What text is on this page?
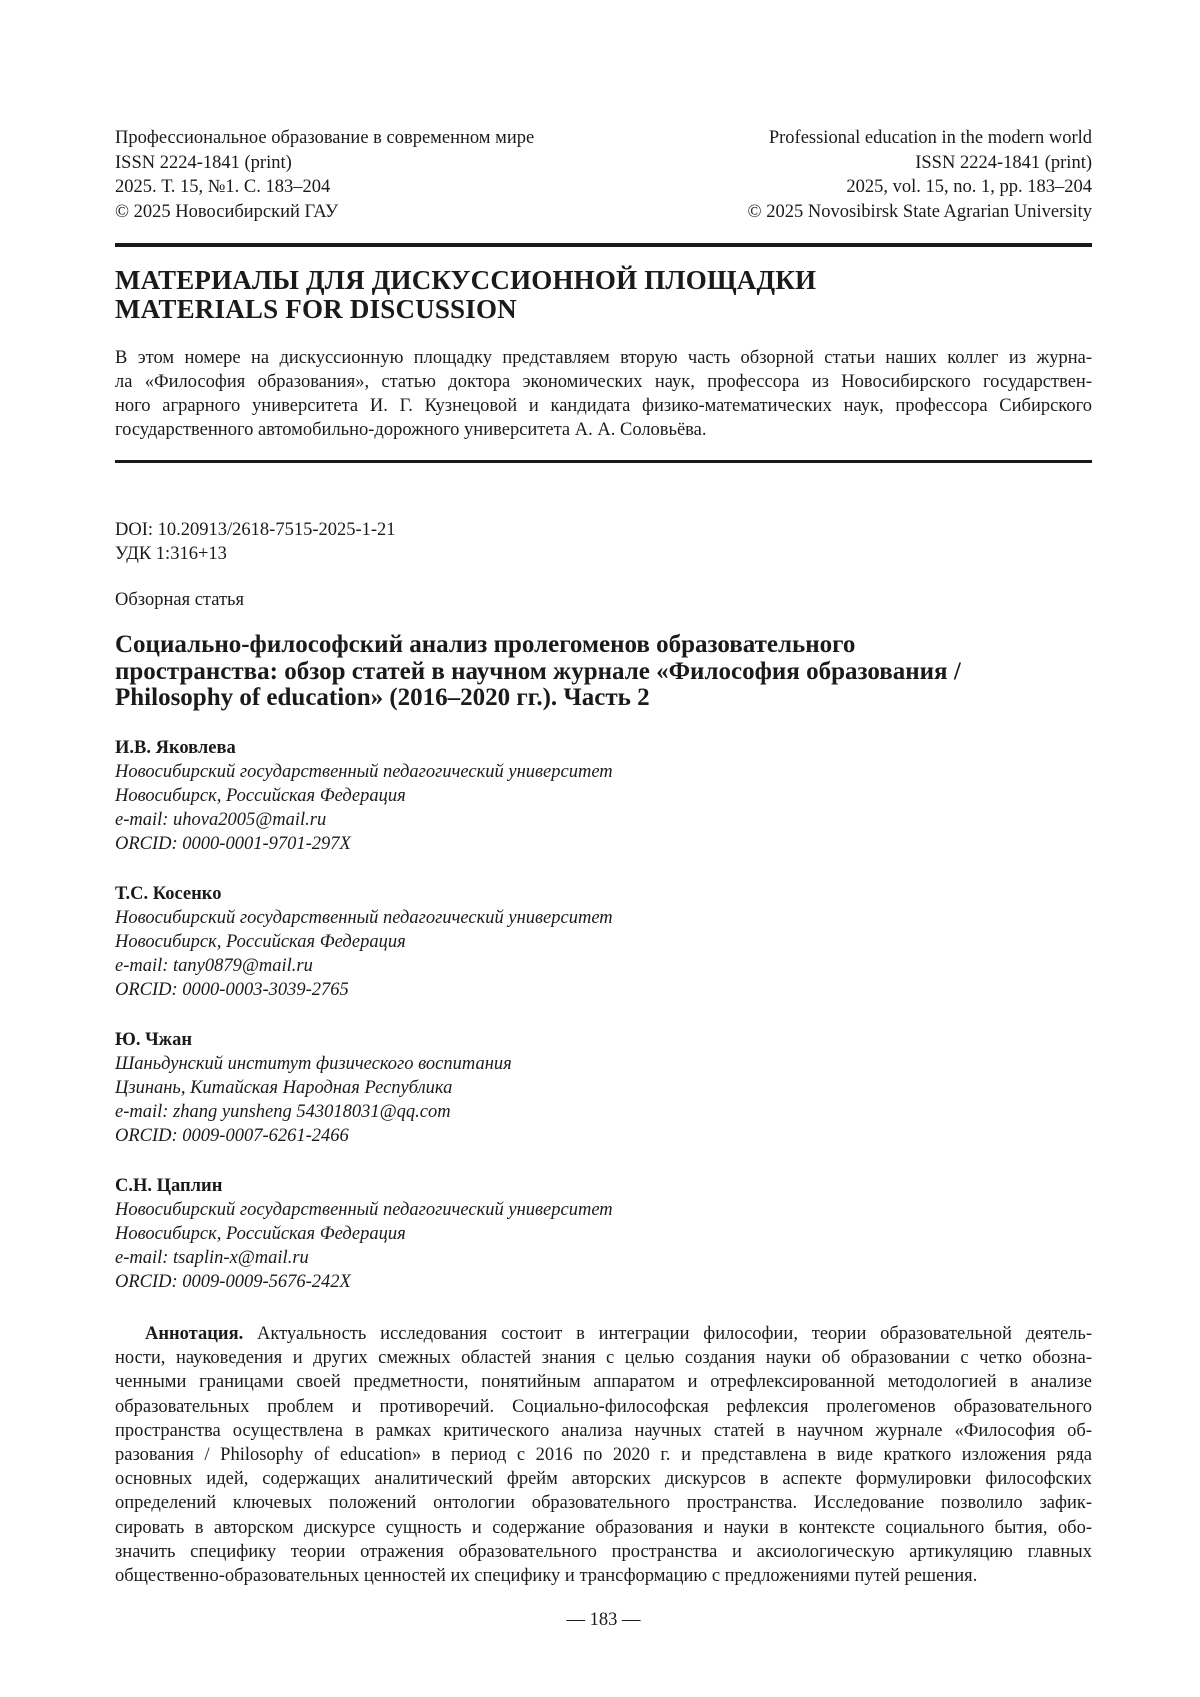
Профессиональное образование в современном мире
ISSN 2224-1841 (print)
2025. Т. 15, №1. С. 183–204
© 2025 Новосибирский ГАУ
Professional education in the modern world
ISSN 2224-1841 (print)
2025, vol. 15, no. 1, pp. 183–204
© 2025 Novosibirsk State Agrarian University
МАТЕРИАЛЫ ДЛЯ ДИСКУССИОННОЙ ПЛОЩАДКИ
MATERIALS FOR DISCUSSION
В этом номере на дискуссионную площадку представляем вторую часть обзорной статьи наших коллег из журна-
ла «Философия образования», статью доктора экономических наук, профессора из Новосибирского государствен-
ного аграрного университета И. Г. Кузнецовой и кандидата физико-математических наук, профессора Сибирского
государственного автомобильно-дорожного университета А. А. Соловьёва.
DOI: 10.20913/2618-7515-2025-1-21
УДК 1:316+13
Обзорная статья
Социально-философский анализ пролегоменов образовательного
пространства: обзор статей в научном журнале «Философия образования /
Philosophy of education» (2016–2020 гг.). Часть 2
И.В. Яковлева
Новосибирский государственный педагогический университет
Новосибирск, Российская Федерация
e-mail: uhova2005@mail.ru
ORCID: 0000-0001-9701-297X
Т.С. Косенко
Новосибирский государственный педагогический университет
Новосибирск, Российская Федерация
e-mail: tany0879@mail.ru
ORCID: 0000-0003-3039-2765
Ю. Чжан
Шаньдунский институт физического воспитания
Цзинань, Китайская Народная Республика
e-mail: zhang yunsheng 543018031@qq.com
ORCID: 0009-0007-6261-2466
С.Н. Цаплин
Новосибирский государственный педагогический университет
Новосибирск, Российская Федерация
e-mail: tsaplin-x@mail.ru
ORCID: 0009-0009-5676-242X
Аннотация. Актуальность исследования состоит в интеграции философии, теории образовательной деятель-
ности, науковедения и других смежных областей знания с целью создания науки об образовании с четко обозна-
ченными границами своей предметности, понятийным аппаратом и отрефлексированной методологией в анализе
образовательных проблем и противоречий. Социально-философская рефлексия пролегоменов образовательного
пространства осуществлена в рамках критического анализа научных статей в научном журнале «Философия об-
разования / Philosophy of education» в период с 2016 по 2020 г. и представлена в виде краткого изложения ряда
основных идей, содержащих аналитический фрейм авторских дискурсов в аспекте формулировки философских
определений ключевых положений онтологии образовательного пространства. Исследование позволило зафик-
сировать в авторском дискурсе сущность и содержание образования и науки в контексте социального бытия, обо-
значить специфику теории отражения образовательного пространства и аксиологическую артикуляцию главных
общественно-образовательных ценностей их специфику и трансформацию с предложениями путей решения.
— 183 —
